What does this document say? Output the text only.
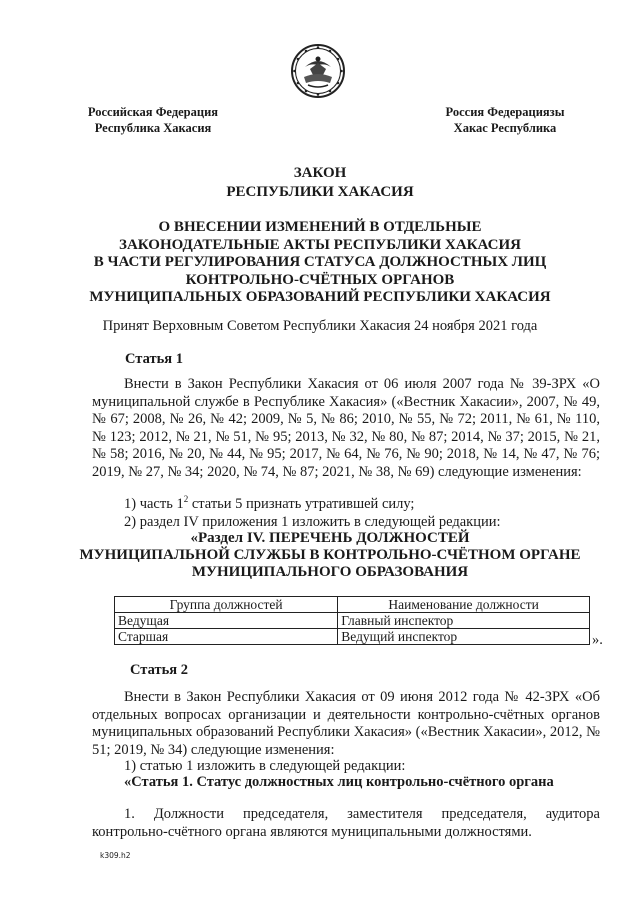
Российская Федерация
Республика Хакасия
Россия Федерациязы
Хакас Республика
ЗАКОН
РЕСПУБЛИКИ ХАКАСИЯ
О ВНЕСЕНИИ ИЗМЕНЕНИЙ В ОТДЕЛЬНЫЕ
ЗАКОНОДАТЕЛЬНЫЕ АКТЫ РЕСПУБЛИКИ ХАКАСИЯ
В ЧАСТИ РЕГУЛИРОВАНИЯ СТАТУСА ДОЛЖНОСТНЫХ ЛИЦ
КОНТРОЛЬНО-СЧЁТНЫХ ОРГАНОВ
МУНИЦИПАЛЬНЫХ ОБРАЗОВАНИЙ РЕСПУБЛИКИ ХАКАСИЯ
Принят Верховным Советом Республики Хакасия 24 ноября 2021 года
Статья 1
Внести в Закон Республики Хакасия от 06 июля 2007 года № 39-ЗРХ «О муниципальной службе в Республике Хакасия» («Вестник Хакасии», 2007, № 49, № 67; 2008, № 26, № 42; 2009, № 5, № 86; 2010, № 55, № 72; 2011, № 61, № 110, № 123; 2012, № 21, № 51, № 95; 2013, № 32, № 80, № 87; 2014, № 37; 2015, № 21, № 58; 2016, № 20, № 44, № 95; 2017, № 64, № 76, № 90; 2018, № 14, № 47, № 76; 2019, № 27, № 34; 2020, № 74, № 87; 2021, № 38, № 69) следующие изменения:
1) часть $1^2$ статьи 5 признать утратившей силу;
2) раздел IV приложения 1 изложить в следующей редакции:
«Раздел IV. ПЕРЕЧЕНЬ ДОЛЖНОСТЕЙ
МУНИЦИПАЛЬНОЙ СЛУЖБЫ В КОНТРОЛЬНО-СЧЁТНОМ ОРГАНЕ
МУНИЦИПАЛЬНОГО ОБРАЗОВАНИЯ
Группа должностей	Наименование должности
Ведущая	Главный инспектор
Старшая	Ведущий инспектор	».
Статья 2
Внести в Закон Республики Хакасия от 09 июня 2012 года № 42-ЗРХ «Об отдельных вопросах организации и деятельности контрольно-счётных органов муниципальных образований Республики Хакасия» («Вестник Хакасии», 2012, № 51; 2019, № 34) следующие изменения:
1) статью 1 изложить в следующей редакции:
«Статья 1. Статус должностных лиц контрольно-счётного органа
1. Должности председателя, заместителя председателя, аудитора контрольно-счётного органа являются муниципальными должностями.
k309.h2
